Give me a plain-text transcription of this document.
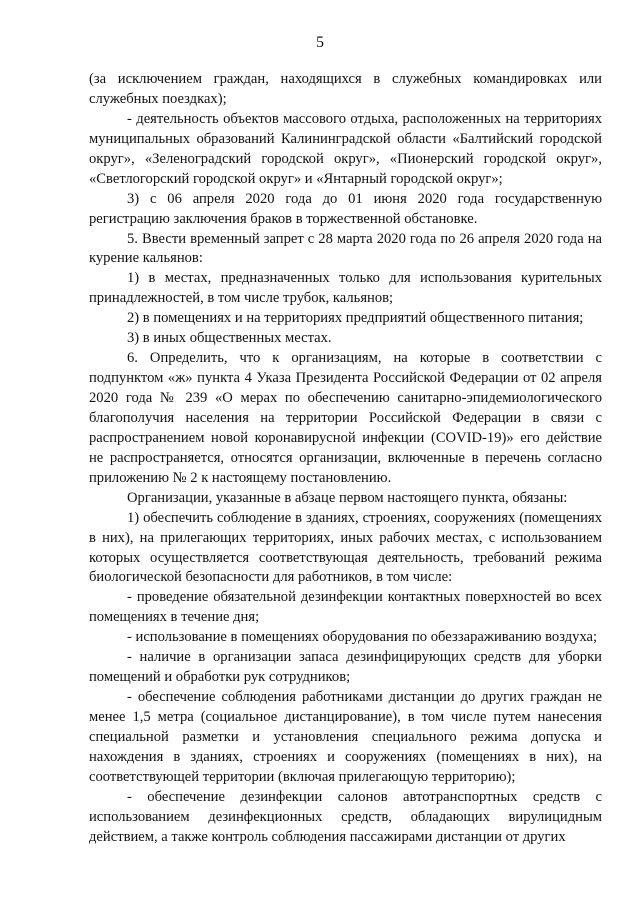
5

(за исключением граждан, находящихся в служебных командировках или служебных поездках);

- деятельность объектов массового отдыха, расположенных на территориях муниципальных образований Калининградской области «Балтийский городской округ», «Зеленоградский городской округ», «Пионерский городской округ», «Светлогорский городской округ» и «Янтарный городской округ»;

3) с 06 апреля 2020 года до 01 июня 2020 года государственную регистрацию заключения браков в торжественной обстановке.

5. Ввести временный запрет с 28 марта 2020 года по 26 апреля 2020 года на курение кальянов:

1) в местах, предназначенных только для использования курительных принадлежностей, в том числе трубок, кальянов;

2) в помещениях и на территориях предприятий общественного питания;

3) в иных общественных местах.

6. Определить, что к организациям, на которые в соответствии с подпунктом «ж» пункта 4 Указа Президента Российской Федерации от 02 апреля 2020 года № 239 «О мерах по обеспечению санитарно-эпидемиологического благополучия населения на территории Российской Федерации в связи с распространением новой коронавирусной инфекции (COVID-19)» его действие не распространяется, относятся организации, включенные в перечень согласно приложению № 2 к настоящему постановлению.

Организации, указанные в абзаце первом настоящего пункта, обязаны:

1) обеспечить соблюдение в зданиях, строениях, сооружениях (помещениях в них), на прилегающих территориях, иных рабочих местах, с использованием которых осуществляется соответствующая деятельность, требований режима биологической безопасности для работников, в том числе:

- проведение обязательной дезинфекции контактных поверхностей во всех помещениях в течение дня;

- использование в помещениях оборудования по обеззараживанию воздуха;

- наличие в организации запаса дезинфицирующих средств для уборки помещений и обработки рук сотрудников;

- обеспечение соблюдения работниками дистанции до других граждан не менее 1,5 метра (социальное дистанцирование), в том числе путем нанесения специальной разметки и установления специального режима допуска и нахождения в зданиях, строениях и сооружениях (помещениях в них), на соответствующей территории (включая прилегающую территорию);

- обеспечение дезинфекции салонов автотранспортных средств с использованием дезинфекционных средств, обладающих вирулицидным действием, а также контроль соблюдения пассажирами дистанции от других
